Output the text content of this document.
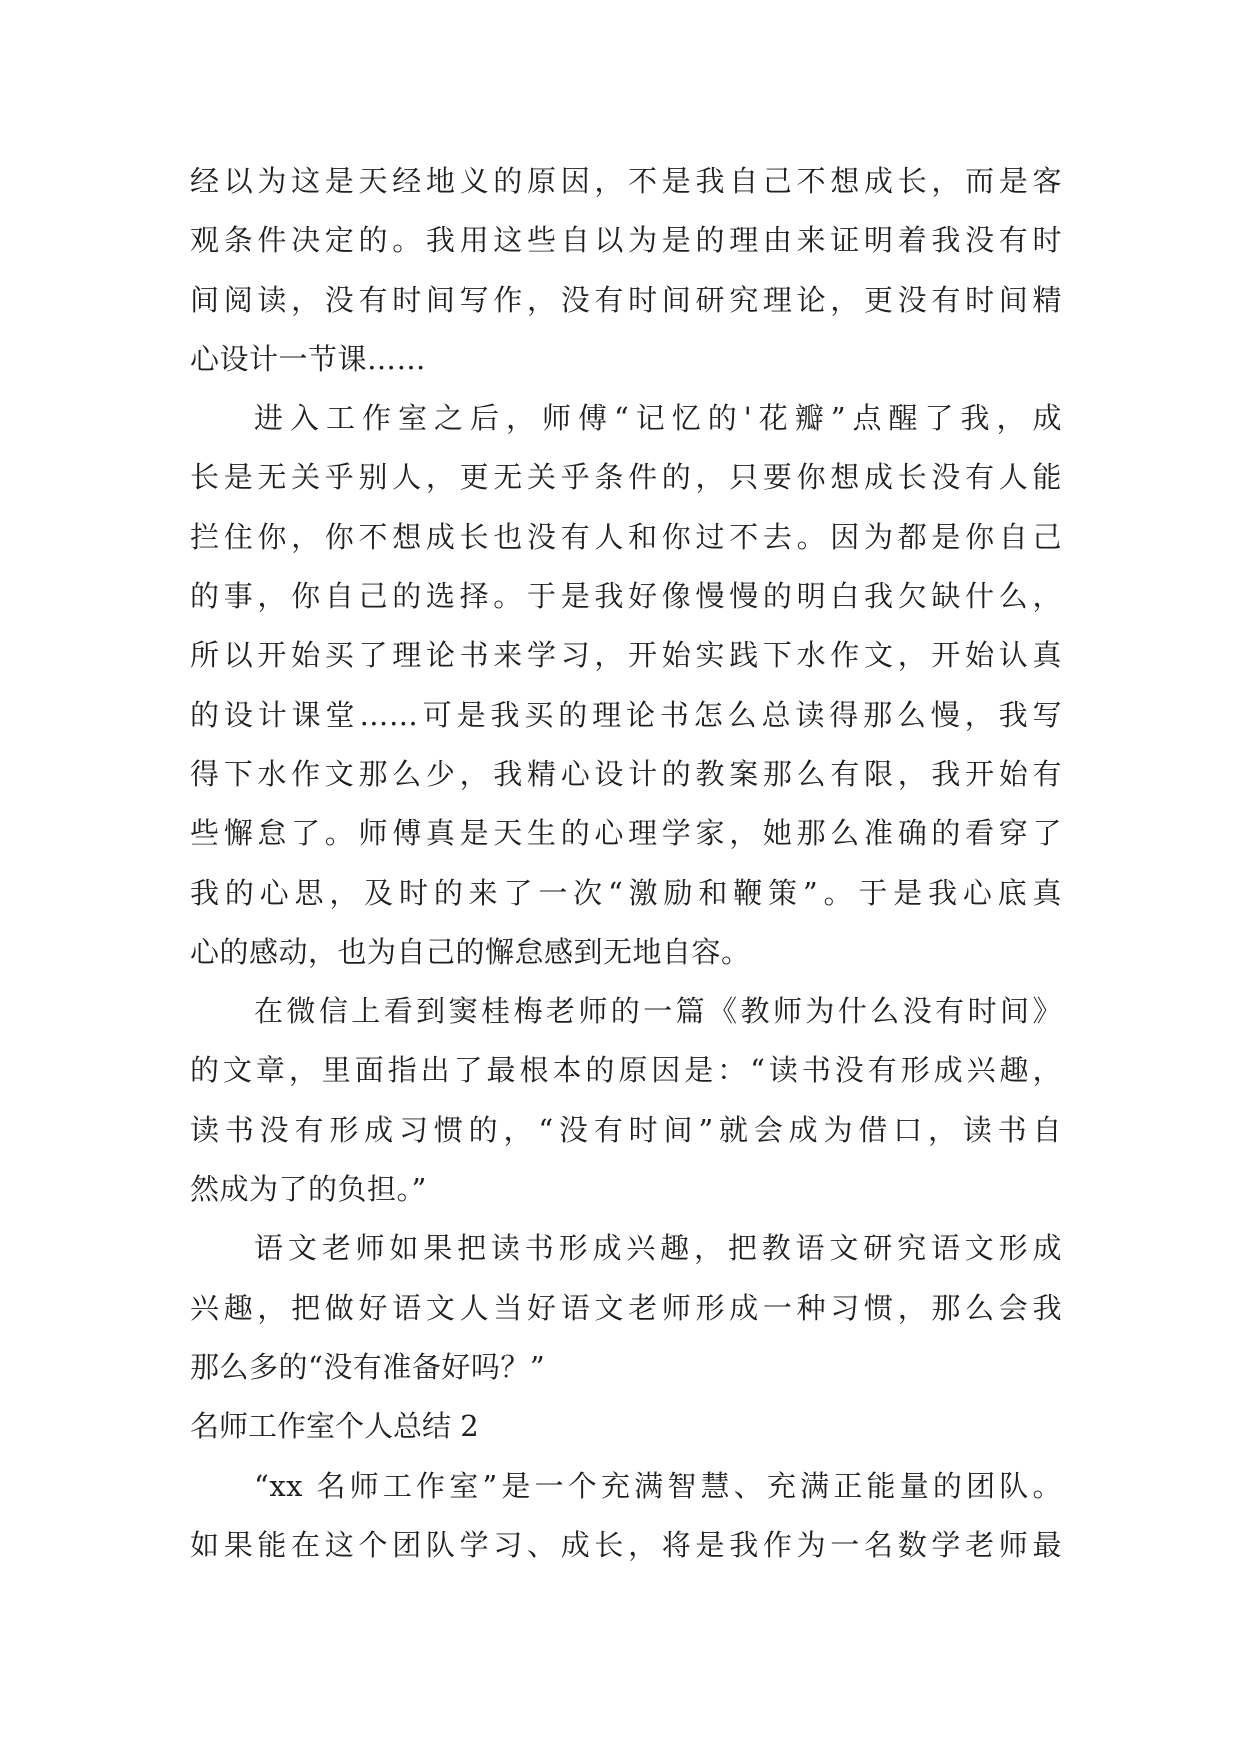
经以为这是天经地义的原因，不是我自己不想成长，而是客
观条件决定的。我用这些自以为是的理由来证明着我没有时
间阅读，没有时间写作，没有时间研究理论，更没有时间精
心设计一节课……
进入工作室之后，师傅“记忆的'花瓣”点醒了我，成
长是无关乎别人，更无关乎条件的，只要你想成长没有人能
拦住你，你不想成长也没有人和你过不去。因为都是你自己
的事，你自己的选择。于是我好像慢慢的明白我欠缺什么，
所以开始买了理论书来学习，开始实践下水作文，开始认真
的设计课堂……可是我买的理论书怎么总读得那么慢，我写
得下水作文那么少，我精心设计的教案那么有限，我开始有
些懈怠了。师傅真是天生的心理学家，她那么准确的看穿了
我的心思，及时的来了一次“激励和鞭策”。于是我心底真
心的感动，也为自己的懈怠感到无地自容。
在微信上看到窦桂梅老师的一篇《教师为什么没有时间》
的文章，里面指出了最根本的原因是：“读书没有形成兴趣，
读书没有形成习惯的，“没有时间”就会成为借口，读书自
然成为了的负担。”
语文老师如果把读书形成兴趣，把教语文研究语文形成
兴趣，把做好语文人当好语文老师形成一种习惯，那么会我
那么多的“没有准备好吗？”
名师工作室个人总结 2
“xx 名师工作室”是一个充满智慧、充满正能量的团队。
如果能在这个团队学习、成长，将是我作为一名数学老师最
